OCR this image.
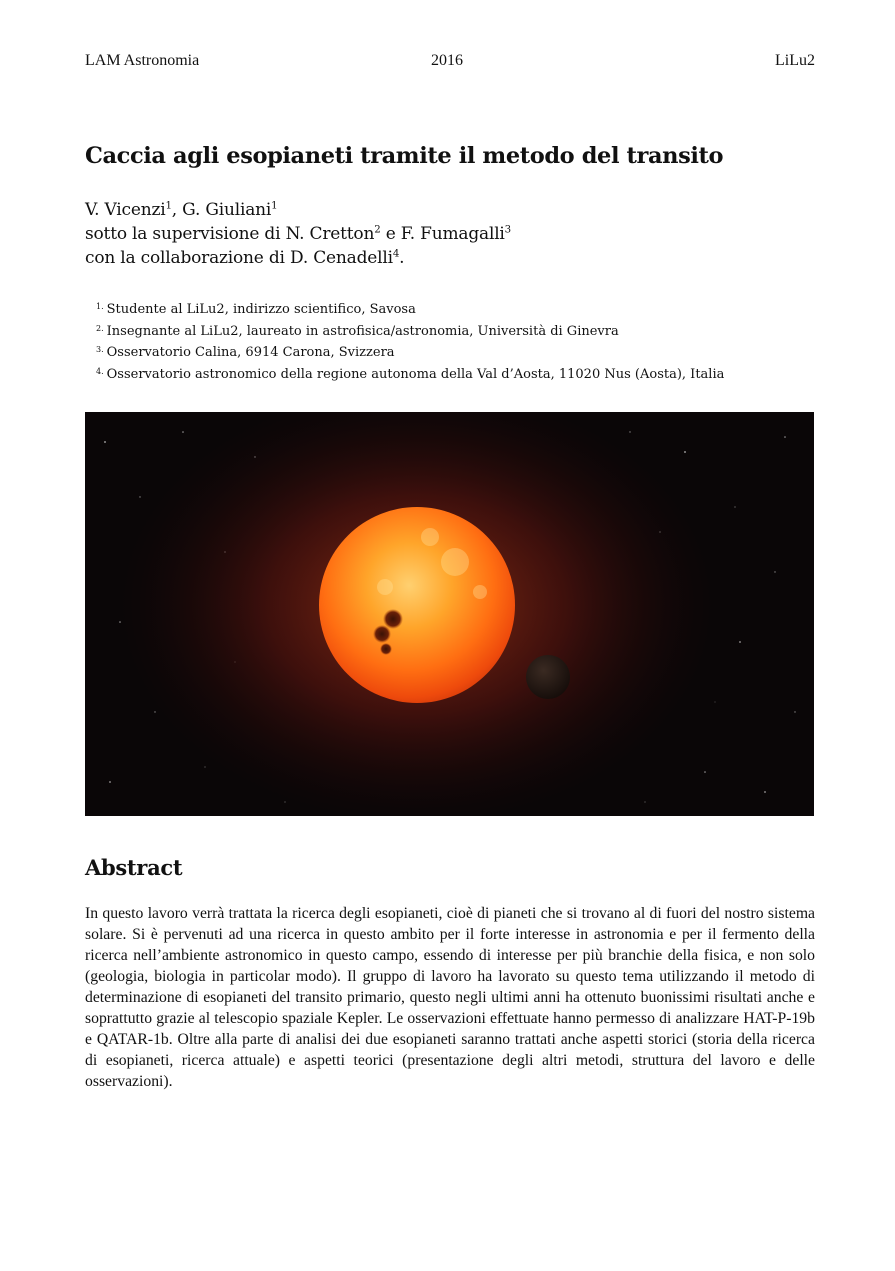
LAM Astronomia	2016	LiLu2
Caccia agli esopianeti tramite il metodo del transito
V. Vicenzi$^1$, G. Giuliani$^1$
sotto la supervisione di N. Cretton$^2$ e F. Fumagalli$^3$
con la collaborazione di D. Cenadelli$^4$.
$^{1.}$ Studente al LiLu2, indirizzo scientifico, Savosa
$^{2.}$ Insegnante al LiLu2, laureato in astrofisica/astronomia, Università di Ginevra
$^{3.}$ Osservatorio Calina, 6914 Carona, Svizzera
$^{4.}$ Osservatorio astronomico della regione autonoma della Val d’Aosta, 11020 Nus (Aosta), Italia
Abstract

In questo lavoro verrà trattata la ricerca degli esopianeti, cioè di pianeti che si trovano al di fuori del nostro sistema solare. Si è pervenuti ad una ricerca in questo ambito per il forte interesse in astronomia e per il fermento della ricerca nell’ambiente astronomico in questo campo, essendo di interesse per più branchie della fisica, e non solo (geologia, biologia in particolar modo). Il gruppo di lavoro ha lavorato su questo tema utilizzando il metodo di determinazione di esopianeti del transito primario, questo negli ultimi anni ha ottenuto buonissimi risultati anche e soprattutto grazie al telescopio spaziale Kepler. Le osservazioni effettuate hanno permesso di analizzare HAT-P-19b e QATAR-1b. Oltre alla parte di analisi dei due esopianeti saranno trattati anche aspetti storici (storia della ricerca di esopianeti, ricerca attuale) e aspetti teorici (presentazione degli altri metodi, struttura del lavoro e delle osservazioni).
